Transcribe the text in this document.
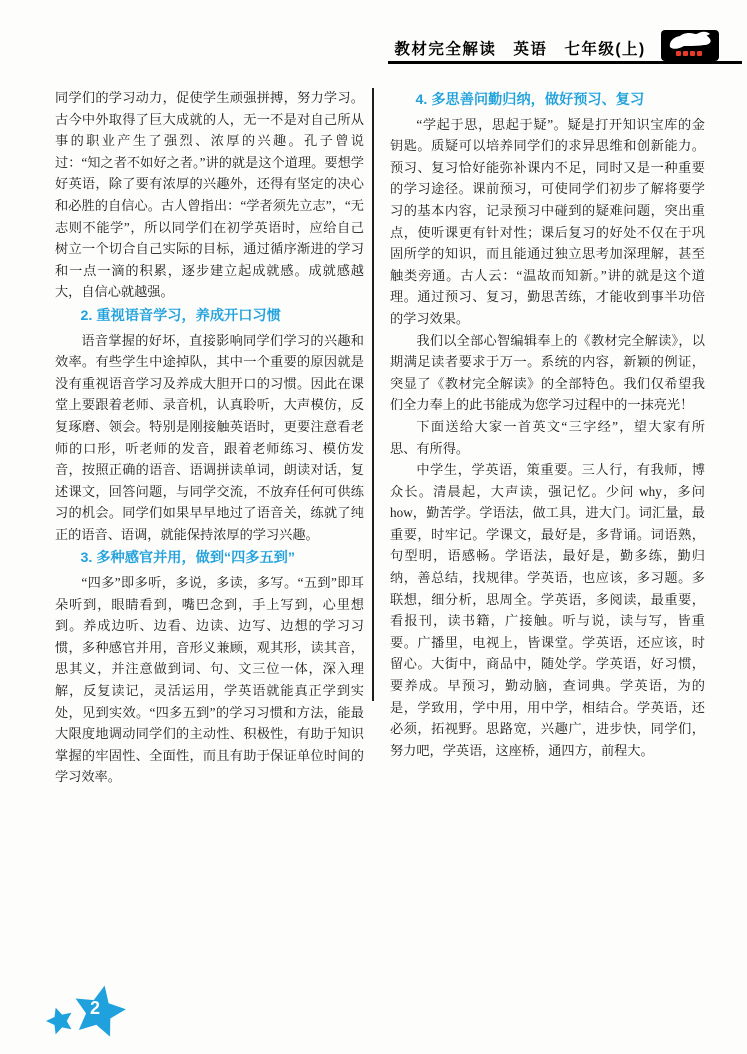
教材完全解读　英语　七年级(上)

同学们的学习动力，促使学生顽强拼搏，努力学习。古今中外取得了巨大成就的人，无一不是对自己所从事的职业产生了强烈、浓厚的兴趣。孔子曾说过：“知之者不如好之者。”讲的就是这个道理。要想学好英语，除了要有浓厚的兴趣外，还得有坚定的决心和必胜的自信心。古人曾指出：“学者须先立志”，“无志则不能学”，所以同学们在初学英语时，应给自己树立一个切合自己实际的目标，通过循序渐进的学习和一点一滴的积累，逐步建立起成就感。成就感越大，自信心就越强。

2. 重视语音学习，养成开口习惯

语音掌握的好坏，直接影响同学们学习的兴趣和效率。有些学生中途掉队，其中一个重要的原因就是没有重视语音学习及养成大胆开口的习惯。因此在课堂上要跟着老师、录音机，认真聆听，大声模仿，反复琢磨、领会。特别是刚接触英语时，更要注意看老师的口形，听老师的发音，跟着老师练习、模仿发音，按照正确的语音、语调拼读单词，朗读对话，复述课文，回答问题，与同学交流，不放弃任何可供练习的机会。同学们如果早早地过了语音关，练就了纯正的语音、语调，就能保持浓厚的学习兴趣。

3. 多种感官并用，做到“四多五到”

“四多”即多听，多说，多读，多写。“五到”即耳朵听到，眼睛看到，嘴巴念到，手上写到，心里想到。养成边听、边看、边读、边写、边想的学习习惯，多种感官并用，音形义兼顾，观其形，读其音，思其义，并注意做到词、句、文三位一体，深入理解，反复读记，灵活运用，学英语就能真正学到实处，见到实效。“四多五到”的学习习惯和方法，能最大限度地调动同学们的主动性、积极性，有助于知识掌握的牢固性、全面性，而且有助于保证单位时间的学习效率。

4. 多思善问勤归纳，做好预习、复习

“学起于思，思起于疑”。疑是打开知识宝库的金钥匙。质疑可以培养同学们的求异思维和创新能力。预习、复习恰好能弥补课内不足，同时又是一种重要的学习途径。课前预习，可使同学们初步了解将要学习的基本内容，记录预习中碰到的疑难问题，突出重点，使听课更有针对性；课后复习的好处不仅在于巩固所学的知识，而且能通过独立思考加深理解，甚至触类旁通。古人云：“温故而知新。”讲的就是这个道理。通过预习、复习，勤思苦练，才能收到事半功倍的学习效果。

我们以全部心智编辑奉上的《教材完全解读》，以期满足读者要求于万一。系统的内容，新颖的例证，突显了《教材完全解读》的全部特色。我们仅希望我们全力奉上的此书能成为您学习过程中的一抹亮光！

下面送给大家一首英文“三字经”，望大家有所思、有所得。

中学生，学英语，策重要。三人行，有我师，博众长。清晨起，大声读，强记忆。少问 why，多问 how，勤苦学。学语法，做工具，进大门。词汇量，最重要，时牢记。学课文，最好是，多背诵。词语熟，句型明，语感畅。学语法，最好是，勤多练，勤归纳，善总结，找规律。学英语，也应该，多习题。多联想，细分析，思周全。学英语，多阅读，最重要，看报刊，读书籍，广接触。听与说，读与写，皆重要。广播里，电视上，皆课堂。学英语，还应该，时留心。大街中，商品中，随处学。学英语，好习惯，要养成。早预习，勤动脑，查词典。学英语，为的是，学致用，学中用，用中学，相结合。学英语，还必须，拓视野。思路宽，兴趣广，进步快，同学们，努力吧，学英语，这座桥，通四方，前程大。

2
